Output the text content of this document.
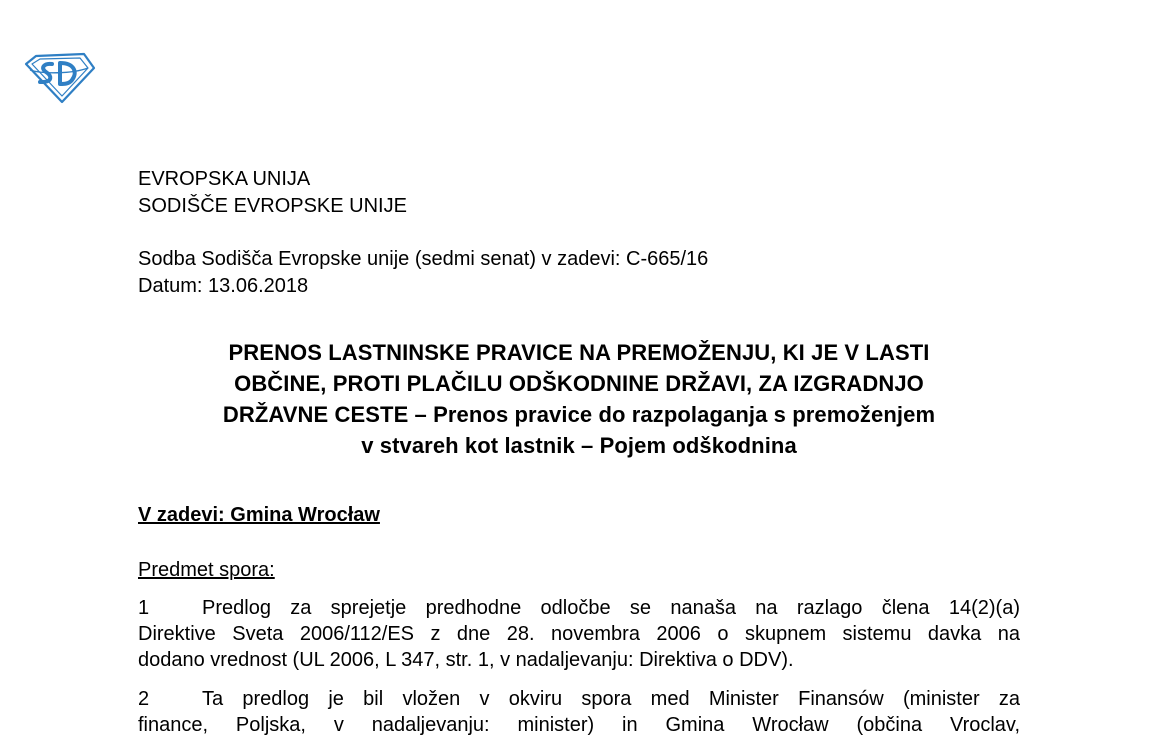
EVROPSKA UNIJA
SODIŠČE EVROPSKE UNIJE
Sodba Sodišča Evropske unije (sedmi senat) v zadevi: C-665/16
Datum: 13.06.2018
PRENOS LASTNINSKE PRAVICE NA PREMOŽENJU, KI JE V LASTI
OBČINE, PROTI PLAČILU ODŠKODNINE DRŽAVI, ZA IZGRADNJO
DRŽAVNE CESTE – Prenos pravice do razpolaganja s premoženjem
v stvareh kot lastnik – Pojem odškodnina
V zadevi: Gmina Wrocław
Predmet spora:
1	Predlog za sprejetje predhodne odločbe se nanaša na razlago člena 14(2)(a)
Direktive Sveta 2006/112/ES z dne 28. novembra 2006 o skupnem sistemu davka na
dodano vrednost (UL 2006, L 347, str. 1, v nadaljevanju: Direktiva o DDV).
2	Ta predlog je bil vložen v okviru spora med Minister Finansów (minister za
finance, Poljska, v nadaljevanju: minister) in Gmina Wrocław (občina Vroclav,
